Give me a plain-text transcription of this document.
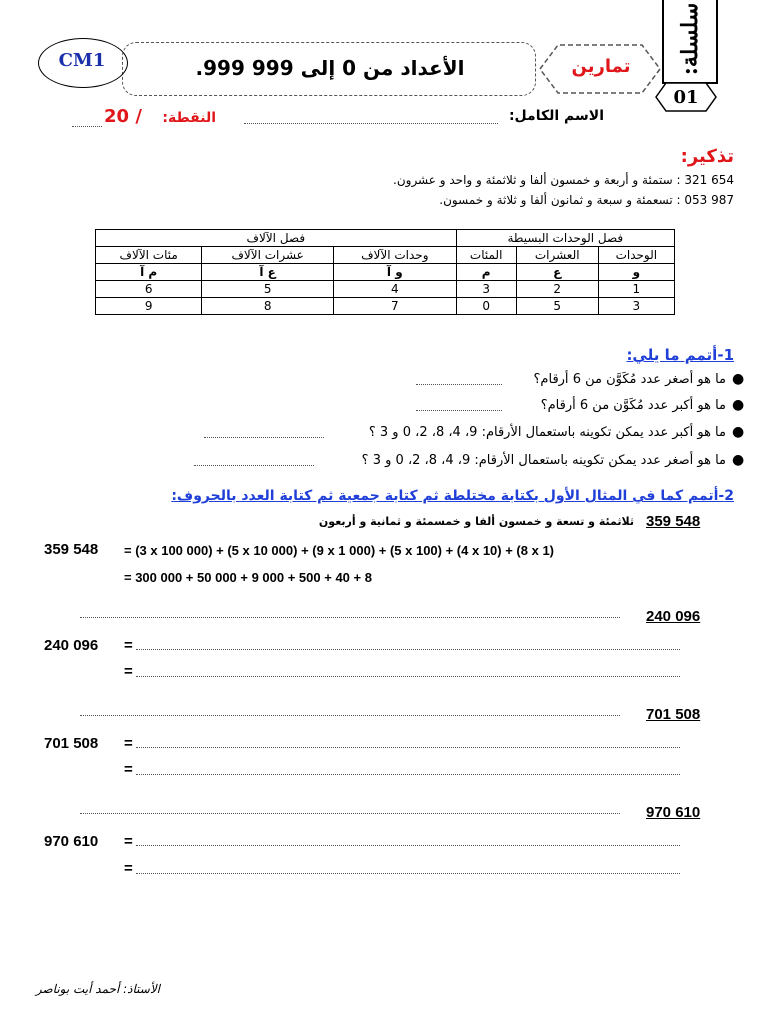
سلسلة:
01
تمارين
الأعداد من 0 إلى 999 999.
CM1
الاسم الكامل:
النقطة:
20 /
تذكير:
654 321 : ستمئة و أربعة و خمسون ألفا و ثلاثمئة و واحد و عشرون.
987 053 : تسعمئة و سبعة و ثمانون ألفا و ثلاثة و خمسون.
فصل الوحدات البسيطة			فصل الآلاف		
الوحدات	العشرات	المئات	وحدات الآلاف	عشرات الآلاف	مئات الآلاف
و	ع	م	و آ	ع آ	م آ
1	2	3	4	5	6
3	5	0	7	8	9
1-أتمم ما يلي:
●
ما هو أصغر عدد مُكَوَّن من 6 أرقام؟
●
ما هو أكبر عدد مُكَوَّن من 6 أرقام؟
●
ما هو أكبر عدد يمكن تكوينه باستعمال الأرقام: 9، 4، 8، 2، 0 و 3 ؟
●
ما هو أصغر عدد يمكن تكوينه باستعمال الأرقام: 9، 4، 8، 2، 0 و 3 ؟
2-أتمم كما في المثال الأول بكتابة مختلطة ثم كتابة جمعية ثم كتابة العدد بالحروف:
359 548
ثلاثمئة و تسعة و خمسون ألفا و خمسمئة و ثمانية و أربعون
359 548 = (3 x 100 000) + (5 x 10 000) + (9 x 1 000) + (5 x 100) + (4 x 10) + (8 x 1)
= 300 000 + 50 000 + 9 000 + 500 + 40 + 8
240 096
240 096 =
=
701 508
701 508 =
=
970 610
970 610 =
=
الأستاذ: أحمد أيت بوناصر
